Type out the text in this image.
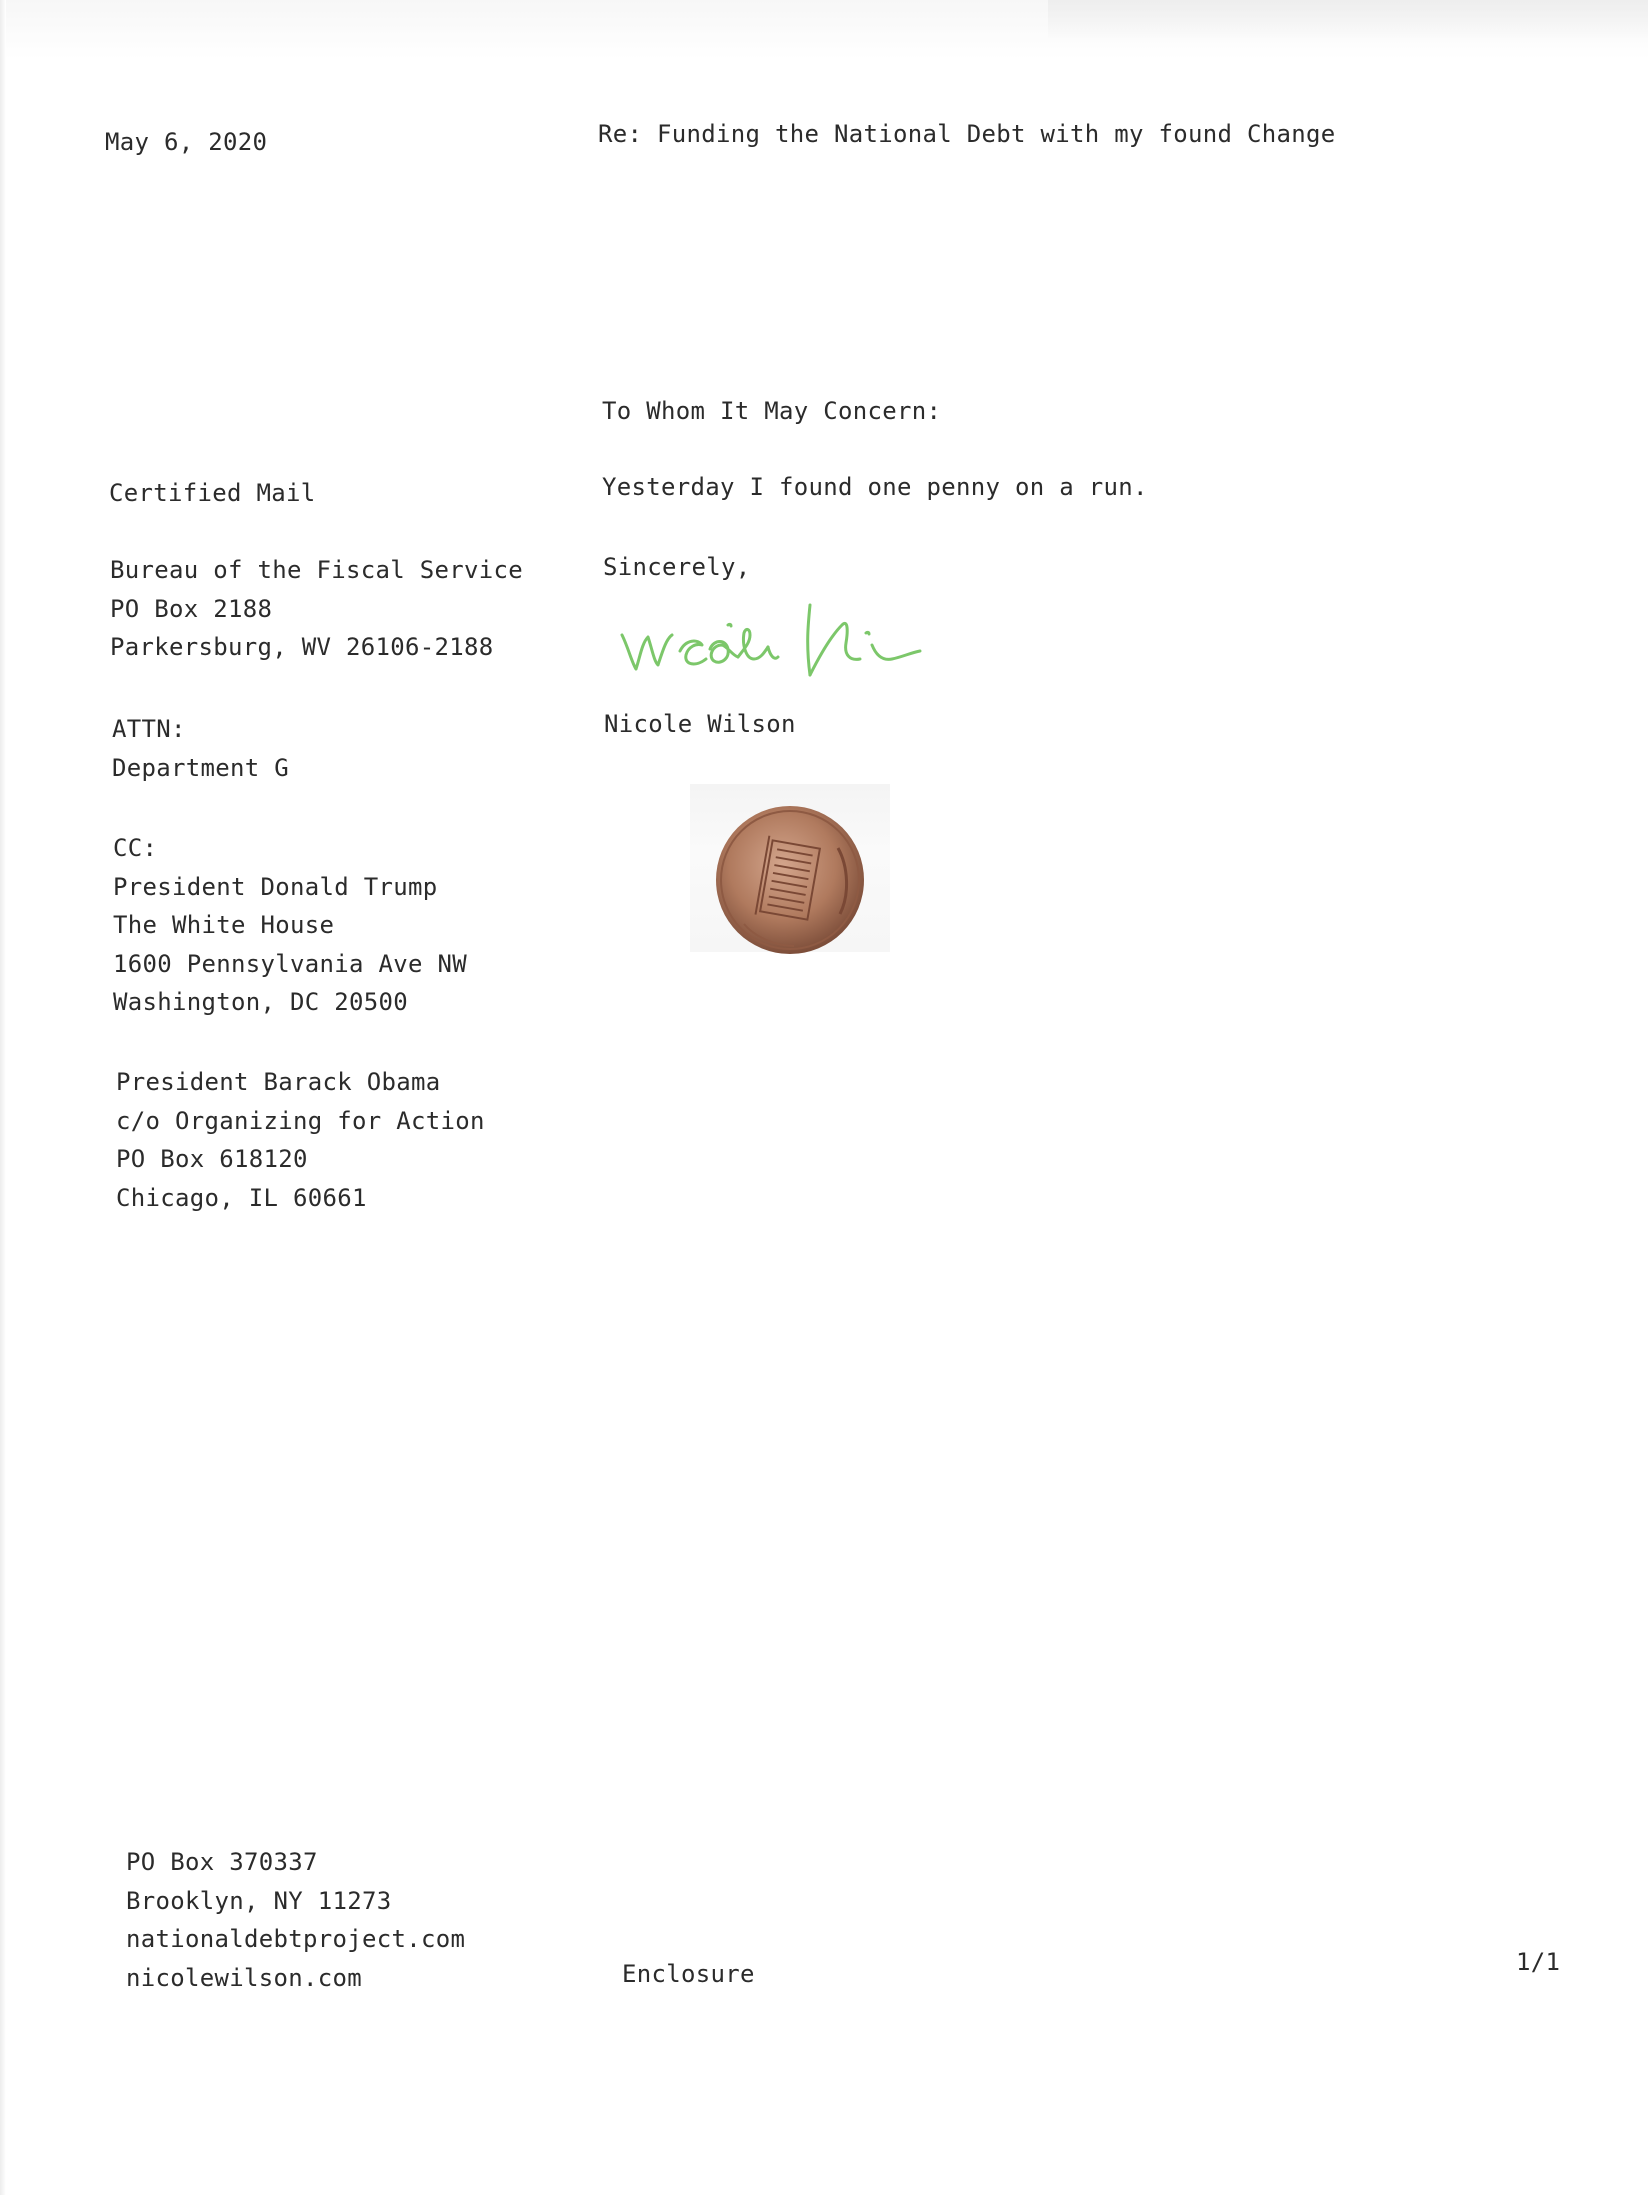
May 6, 2020	Re: Funding the National Debt with my found Change
To Whom It May Concern:
Yesterday I found one penny on a run.
Sincerely,
Nicole Wilson
Certified Mail
Bureau of the Fiscal Service
PO Box 2188
Parkersburg, WV 26106-2188
ATTN:
Department G
CC:
President Donald Trump
The White House
1600 Pennsylvania Ave NW
Washington, DC 20500
President Barack Obama
c/o Organizing for Action
PO Box 618120
Chicago, IL 60661
PO Box 370337
Brooklyn, NY 11273
nationaldebtproject.com
nicolewilson.com	Enclosure	1/1
